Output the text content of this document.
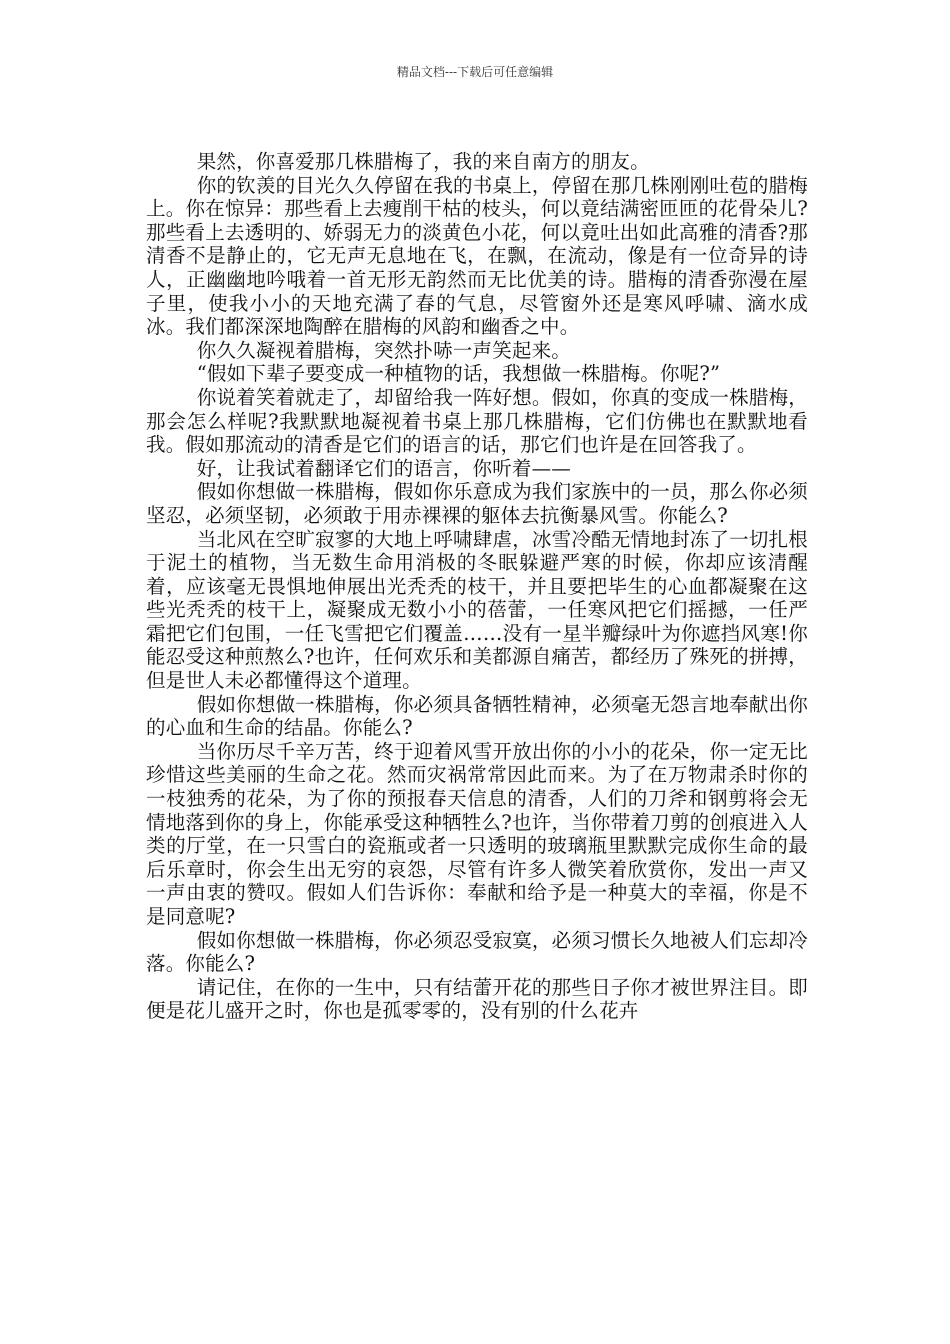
精品文档---下载后可任意编辑

果然，你喜爱那几株腊梅了，我的来自南方的朋友。

你的钦羡的目光久久停留在我的书桌上，停留在那几株刚刚吐苞的腊梅上。你在惊异：那些看上去瘦削干枯的枝头，何以竟结满密匝匝的花骨朵儿?那些看上去透明的、娇弱无力的淡黄色小花，何以竟吐出如此高雅的清香?那清香不是静止的，它无声无息地在飞，在飘，在流动，像是有一位奇异的诗人，正幽幽地吟哦着一首无形无韵然而无比优美的诗。腊梅的清香弥漫在屋子里，使我小小的天地充满了春的气息，尽管窗外还是寒风呼啸、滴水成冰。我们都深深地陶醉在腊梅的风韵和幽香之中。

你久久凝视着腊梅，突然扑哧一声笑起来。

“假如下辈子要变成一种植物的话，我想做一株腊梅。你呢?”

你说着笑着就走了，却留给我一阵好想。假如，你真的变成一株腊梅，那会怎么样呢?我默默地凝视着书桌上那几株腊梅，它们仿佛也在默默地看我。假如那流动的清香是它们的语言的话，那它们也许是在回答我了。

好，让我试着翻译它们的语言，你听着——

假如你想做一株腊梅，假如你乐意成为我们家族中的一员，那么你必须坚忍，必须坚韧，必须敢于用赤裸裸的躯体去抗衡暴风雪。你能么?

当北风在空旷寂寥的大地上呼啸肆虐，冰雪冷酷无情地封冻了一切扎根于泥土的植物，当无数生命用消极的冬眠躲避严寒的时候，你却应该清醒着，应该毫无畏惧地伸展出光秃秃的枝干，并且要把毕生的心血都凝聚在这些光秃秃的枝干上，凝聚成无数小小的蓓蕾，一任寒风把它们摇撼，一任严霜把它们包围，一任飞雪把它们覆盖……没有一星半瓣绿叶为你遮挡风寒!你能忍受这种煎熬么?也许，任何欢乐和美都源自痛苦，都经历了殊死的拼搏，但是世人未必都懂得这个道理。

假如你想做一株腊梅，你必须具备牺牲精神，必须毫无怨言地奉献出你的心血和生命的结晶。你能么?

当你历尽千辛万苦，终于迎着风雪开放出你的小小的花朵，你一定无比珍惜这些美丽的生命之花。然而灾祸常常因此而来。为了在万物肃杀时你的一枝独秀的花朵，为了你的预报春天信息的清香，人们的刀斧和钢剪将会无情地落到你的身上，你能承受这种牺牲么?也许，当你带着刀剪的创痕进入人类的厅堂，在一只雪白的瓷瓶或者一只透明的玻璃瓶里默默完成你生命的最后乐章时，你会生出无穷的哀怨，尽管有许多人微笑着欣赏你，发出一声又一声由衷的赞叹。假如人们告诉你：奉献和给予是一种莫大的幸福，你是不是同意呢?

假如你想做一株腊梅，你必须忍受寂寞，必须习惯长久地被人们忘却冷落。你能么?

请记住，在你的一生中，只有结蕾开花的那些日子你才被世界注目。即便是花儿盛开之时，你也是孤零零的，没有别的什么花卉
